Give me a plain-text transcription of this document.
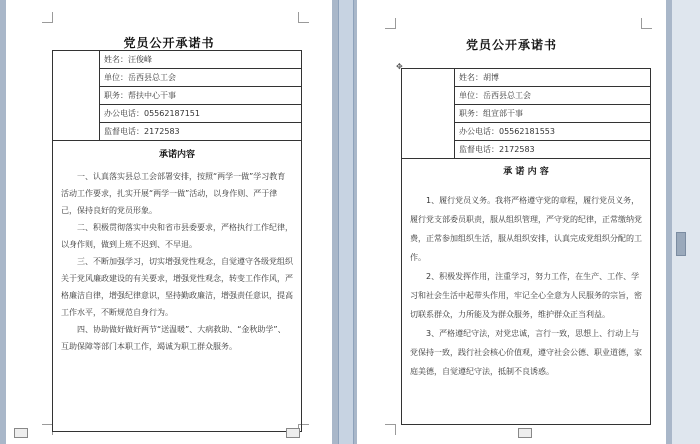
党员公开承诺书
	姓名：汪俊峰
单位：岳西县总工会
职务：帮扶中心干事
办公电话：05562187151
监督电话：2172583
承诺内容

一、认真落实县总工会部署安排，按照“两学一做”学习教育活动工作要求，扎实开展“两学一做”活动，以身作则、严于律己，保持良好的党员形象。

二、积极贯彻落实中央和省市县委要求，严格执行工作纪律，以身作则，做到上班不迟到、不早退。

三、不断加强学习，切实增强党性观念，自觉遵守各级党组织关于党风廉政建设的有关要求，增强党性观念，转变工作作风，严格廉洁自律，增强纪律意识，坚持勤政廉洁，增强责任意识，提高工作水平，不断规范自身行为。

四、协助做好做好两节“送温暖”、大病救助、“金秋助学”、互助保障等部门本职工作，竭诚为职工群众服务。

党员公开承诺书
	姓名：胡博
单位：岳西县总工会
职务：组宣部干事
办公电话：05562181553
监督电话：2172583
承 诺 内 容

1、履行党员义务。我将严格遵守党的章程，履行党员义务，履行党支部委员职责，服从组织管理，严守党的纪律，正常缴纳党费，正常参加组织生活，服从组织安排，认真完成党组织分配的工作。

2、积极发挥作用，注重学习，努力工作，在生产、工作、学习和社会生活中起带头作用，牢记全心全意为人民服务的宗旨，密切联系群众，力所能及为群众服务，维护群众正当利益。

3、严格遵纪守法，对党忠诚，言行一致，思想上、行动上与党保持一致，践行社会核心价值观，遵守社会公德、职业道德，家庭美德，自觉遵纪守法，抵制不良诱惑。

✥
